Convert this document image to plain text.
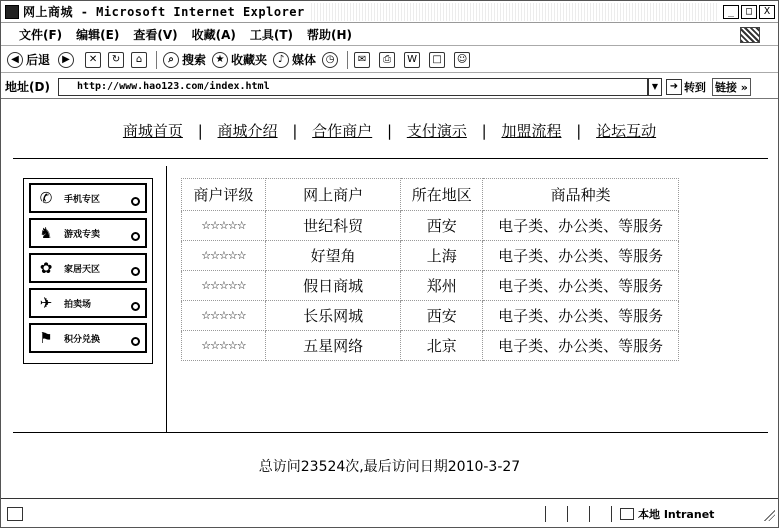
网上商城 - Microsoft Internet Explorer	_	□	X
文件(F) 编辑(E) 查看(V) 收藏(A) 工具(T) 帮助(H)
◀ 后退	▶	✕	↻	⌂	⌕ 搜索 ★ 收藏夹	♪ 媒体 ◷	✉	⎙	W	□	☺
地址(D)	http://www.hao123.com/index.html	▼	➜ 转到 链接 »
商城首页 | 商城介绍 | 合作商户 | 支付演示 | 加盟流程 | 论坛互动
✆	手机专区
♞	游戏专卖
✿	家居天区
✈	拍卖场
⚑	积分兑换
商户评级	网上商户	所在地区	商品种类
☆☆☆☆☆	世纪科贸	西安	电子类、办公类、等服务
☆☆☆☆☆	好望角	上海	电子类、办公类、等服务
☆☆☆☆☆	假日商城	郑州	电子类、办公类、等服务
☆☆☆☆☆	长乐网城	西安	电子类、办公类、等服务
☆☆☆☆☆	五星网络	北京	电子类、办公类、等服务
总访问23524次,最后访问日期2010-3-27
本地 Intranet
